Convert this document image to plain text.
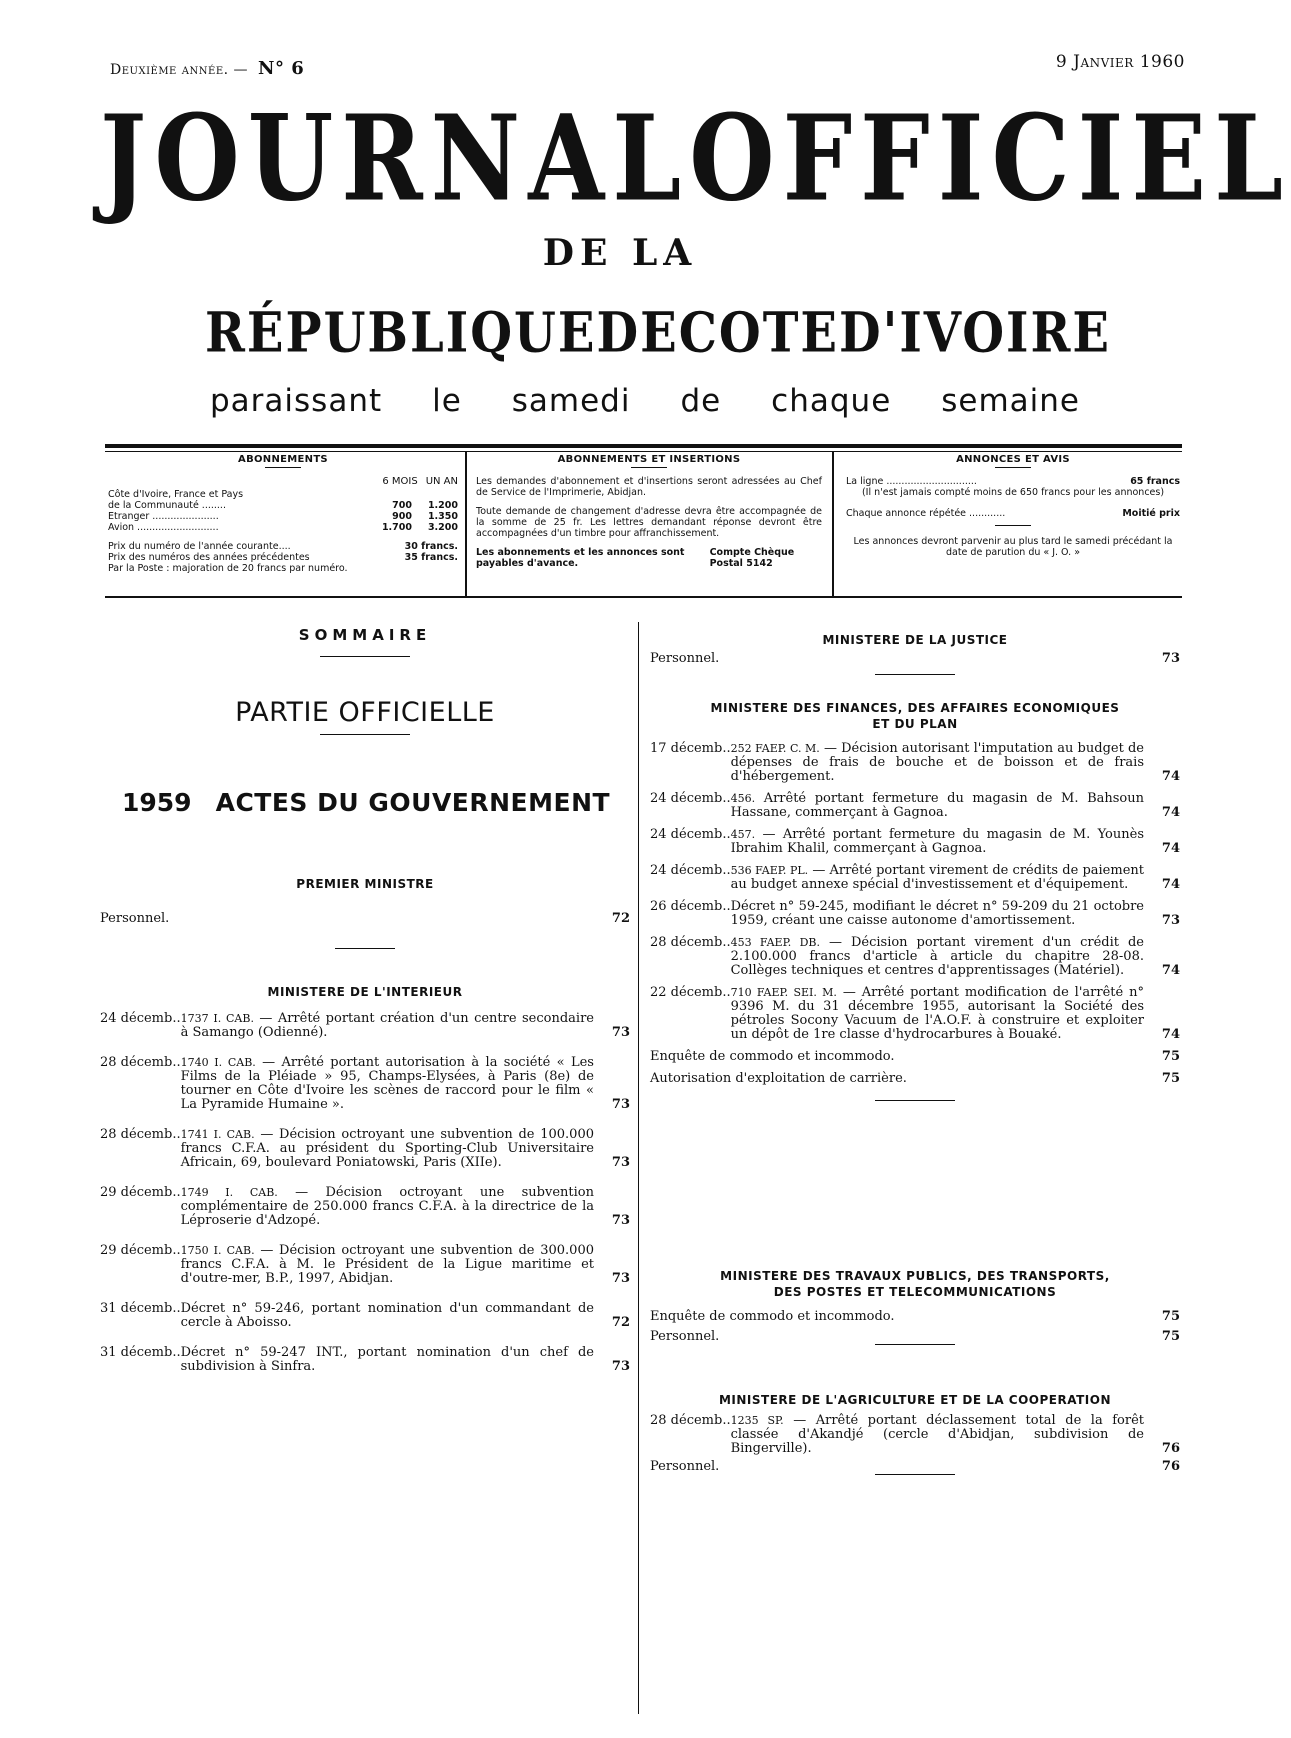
Deuxième année. — N° 6	9 Janvier 1960
J O U R N A L O F F I C I E L
DE LA
RÉPUBLIQUE DE COTE D'IVOIRE
paraissant le samedi de chaque semaine
ABONNEMENTS
6 MOIS UN AN
Côte d'Ivoire, France et Pays
de la Communauté ........	700	1.200
Etranger ......................	900	1.350
Avion ...........................	1.700	3.200
Prix du numéro de l'année courante....	30 francs.
Prix des numéros des années précédentes	35 francs.
Par la Poste : majoration de 20 francs par numéro.
ABONNEMENTS ET INSERTIONS

Les demandes d'abonnement et d'insertions seront adressées au Chef de Service de l'Imprimerie, Abidjan.

Toute demande de changement d'adresse devra être accompagnée de la somme de 25 fr. Les lettres demandant réponse devront être accompagnées d'un timbre pour affranchissement.

Les abonnements et les annonces sont payables d'avance.
Compte Chèque Postal 5142
ANNONCES ET AVIS
La ligne ..............................	65 francs

(Il n'est jamais compté moins de 650 francs pour les annonces)

Chaque annonce répétée ............	Moitié prix

Les annonces devront parvenir au plus tard le samedi précédant la date de parution du « J. O. »

SOMMAIRE
PARTIE OFFICIELLE
1959 ACTES DU GOUVERNEMENT
PREMIER MINISTRE
Personnel.	72
MINISTERE DE L'INTERIEUR
24 décemb.. 1737 I. CAB. — Arrêté portant création d'un centre secondaire à Samango (Odienné).	73
28 décemb.. 1740 I. CAB. — Arrêté portant autorisation à la société « Les Films de la Pléiade » 95, Champs-Elysées, à Paris (8e) de tourner en Côte d'Ivoire les scènes de raccord pour le film « La Pyramide Humaine ».	73
28 décemb.. 1741 I. CAB. — Décision octroyant une subvention de 100.000 francs C.F.A. au président du Sporting-Club Universitaire Africain, 69, boulevard Poniatowski, Paris (XIIe).	73
29 décemb.. 1749 I. CAB. — Décision octroyant une subvention complémentaire de 250.000 francs C.F.A. à la directrice de la Léproserie d'Adzopé.	73
29 décemb.. 1750 I. CAB. — Décision octroyant une subvention de 300.000 francs C.F.A. à M. le Président de la Ligue maritime et d'outre-mer, B.P., 1997, Abidjan.	73
31 décemb.. Décret n° 59-246, portant nomination d'un commandant de cercle à Aboisso.	72
31 décemb.. Décret n° 59-247 INT., portant nomination d'un chef de subdivision à Sinfra.	73
MINISTERE DE LA JUSTICE
Personnel.	73
MINISTERE DES FINANCES, DES AFFAIRES ECONOMIQUES
ET DU PLAN
17 décemb.. 252 FAEP. C. M. — Décision autorisant l'imputation au budget de dépenses de frais de bouche et de boisson et de frais d'hébergement.	74
24 décemb.. 456. Arrêté portant fermeture du magasin de M. Bahsoun Hassane, commerçant à Gagnoa.	74
24 décemb.. 457. — Arrêté portant fermeture du magasin de M. Younès Ibrahim Khalil, commerçant à Gagnoa.	74
24 décemb.. 536 FAEP. PL. — Arrêté portant virement de crédits de paiement au budget annexe spécial d'investissement et d'équipement.	74
26 décemb.. Décret n° 59-245, modifiant le décret n° 59-209 du 21 octobre 1959, créant une caisse autonome d'amortissement.	73
28 décemb.. 453 FAEP. DB. — Décision portant virement d'un crédit de 2.100.000 francs d'article à article du chapitre 28-08. Collèges techniques et centres d'apprentissages (Matériel).	74
22 décemb.. 710 FAEP. SEI. M. — Arrêté portant modification de l'arrêté n° 9396 M. du 31 décembre 1955, autorisant la Société des pétroles Socony Vacuum de l'A.O.F. à construire et exploiter un dépôt de 1re classe d'hydrocarbures à Bouaké.	74
Enquête de commodo et incommodo.	75
Autorisation d'exploitation de carrière.	75
MINISTERE DES TRAVAUX PUBLICS, DES TRANSPORTS,
DES POSTES ET TELECOMMUNICATIONS
Enquête de commodo et incommodo.	75
Personnel.	75
MINISTERE DE L'AGRICULTURE ET DE LA COOPERATION
28 décemb.. 1235 SP. — Arrêté portant déclassement total de la forêt classée d'Akandjé (cercle d'Abidjan, subdivision de Bingerville).	76
Personnel.	76
